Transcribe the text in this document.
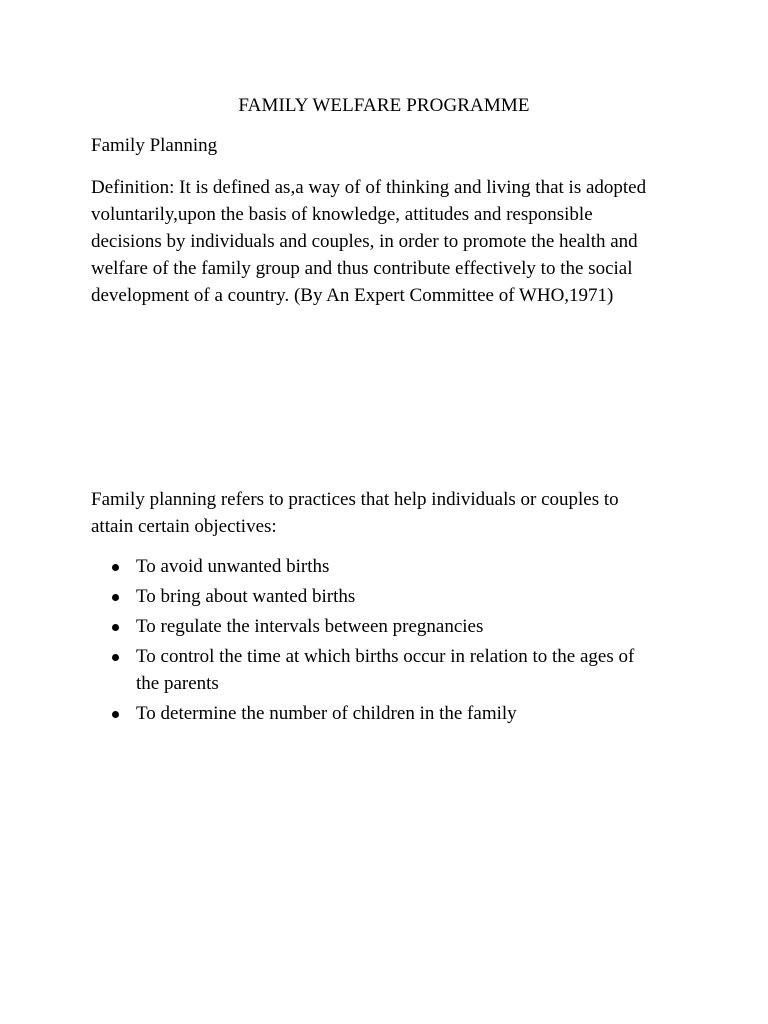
FAMILY WELFARE PROGRAMME
Family Planning

Definition: It is defined as,a way of of thinking and living that is adopted
voluntarily,upon the basis of knowledge, attitudes and responsible
decisions by individuals and couples, in order to promote the health and
welfare of the family group and thus contribute effectively to the social
development of a country. (By An Expert Committee of WHO,1971)

Family planning refers to practices that help individuals or couples to
attain certain objectives:

To avoid unwanted births
To bring about wanted births
To regulate the intervals between pregnancies
To control the time at which births occur in relation to the ages of
the parents
To determine the number of children in the family
